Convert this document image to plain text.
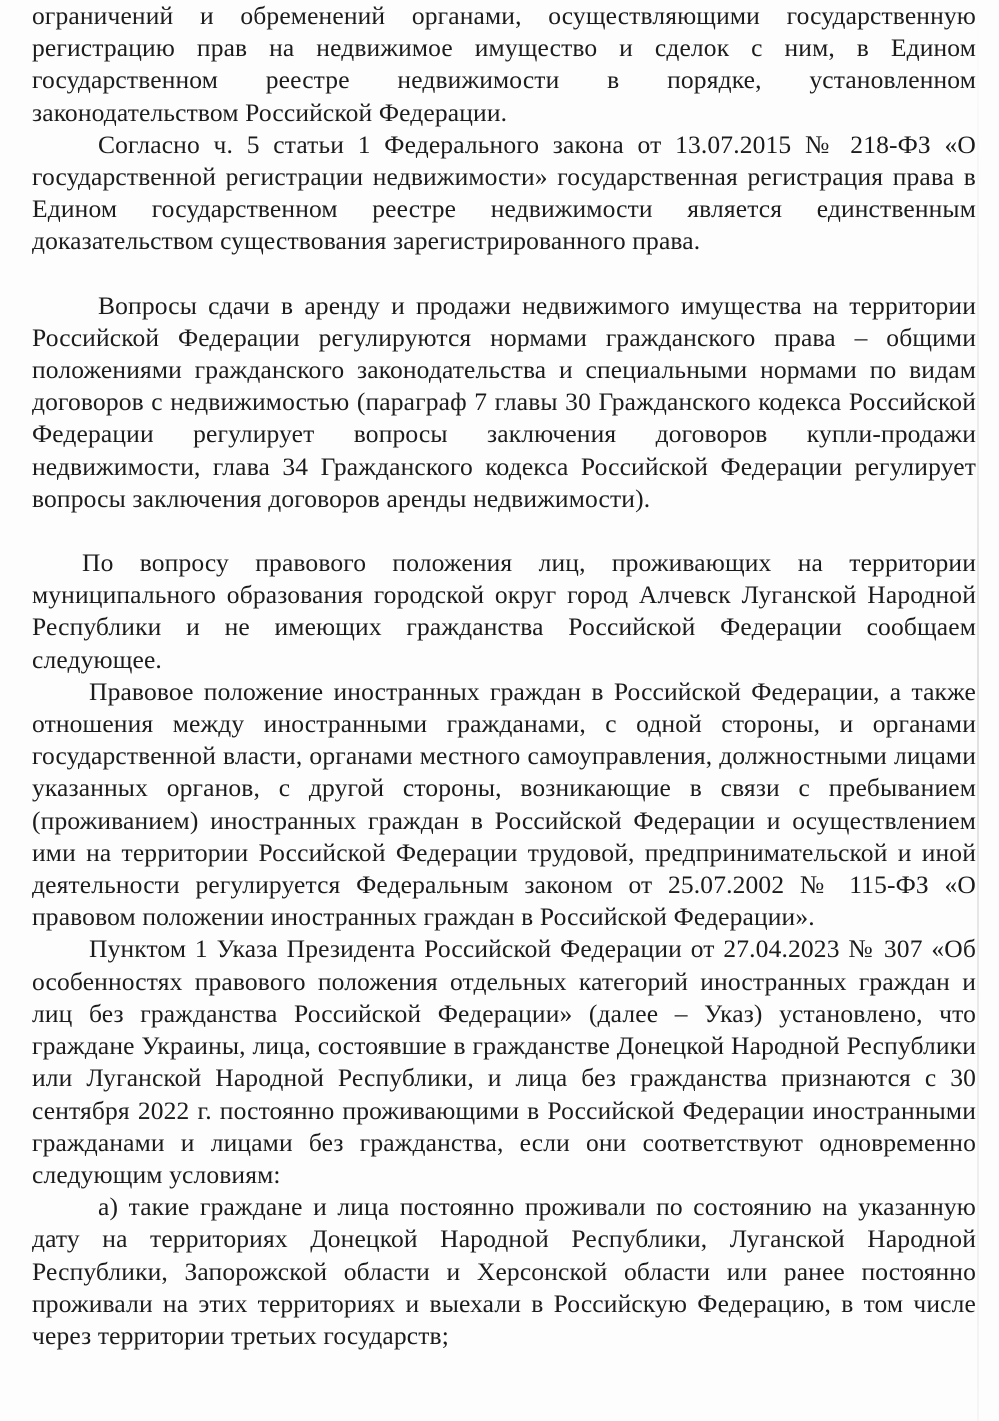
ограничений и обременений органами, осуществляющими государственную регистрацию прав на недвижимое имущество и сделок с ним, в Едином государственном реестре недвижимости в порядке, установленном законодательством Российской Федерации.

Согласно ч. 5 статьи 1 Федерального закона от 13.07.2015 № 218-ФЗ «О государственной регистрации недвижимости» государственная регистрация права в Едином государственном реестре недвижимости является единственным доказательством существования зарегистрированного права.

Вопросы сдачи в аренду и продажи недвижимого имущества на территории Российской Федерации регулируются нормами гражданского права – общими положениями гражданского законодательства и специальными нормами по видам договоров с недвижимостью (параграф 7 главы 30 Гражданского кодекса Российской Федерации регулирует вопросы заключения договоров купли-продажи недвижимости, глава 34 Гражданского кодекса Российской Федерации регулирует вопросы заключения договоров аренды недвижимости).

По вопросу правового положения лиц, проживающих на территории муниципального образования городской округ город Алчевск Луганской Народной Республики и не имеющих гражданства Российской Федерации сообщаем следующее.

Правовое положение иностранных граждан в Российской Федерации, а также отношения между иностранными гражданами, с одной стороны, и органами государственной власти, органами местного самоуправления, должностными лицами указанных органов, с другой стороны, возникающие в связи с пребыванием (проживанием) иностранных граждан в Российской Федерации и осуществлением ими на территории Российской Федерации трудовой, предпринимательской и иной деятельности регулируется Федеральным законом от 25.07.2002 № 115-ФЗ «О правовом положении иностранных граждан в Российской Федерации».

Пунктом 1 Указа Президента Российской Федерации от 27.04.2023 № 307 «Об особенностях правового положения отдельных категорий иностранных граждан и лиц без гражданства Российской Федерации» (далее – Указ) установлено, что граждане Украины, лица, состоявшие в гражданстве Донецкой Народной Республики или Луганской Народной Республики, и лица без гражданства признаются с 30 сентября 2022 г. постоянно проживающими в Российской Федерации иностранными гражданами и лицами без гражданства, если они соответствуют одновременно следующим условиям:

а) такие граждане и лица постоянно проживали по состоянию на указанную дату на территориях Донецкой Народной Республики, Луганской Народной Республики, Запорожской области и Херсонской области или ранее постоянно проживали на этих территориях и выехали в Российскую Федерацию, в том числе через территории третьих государств;
